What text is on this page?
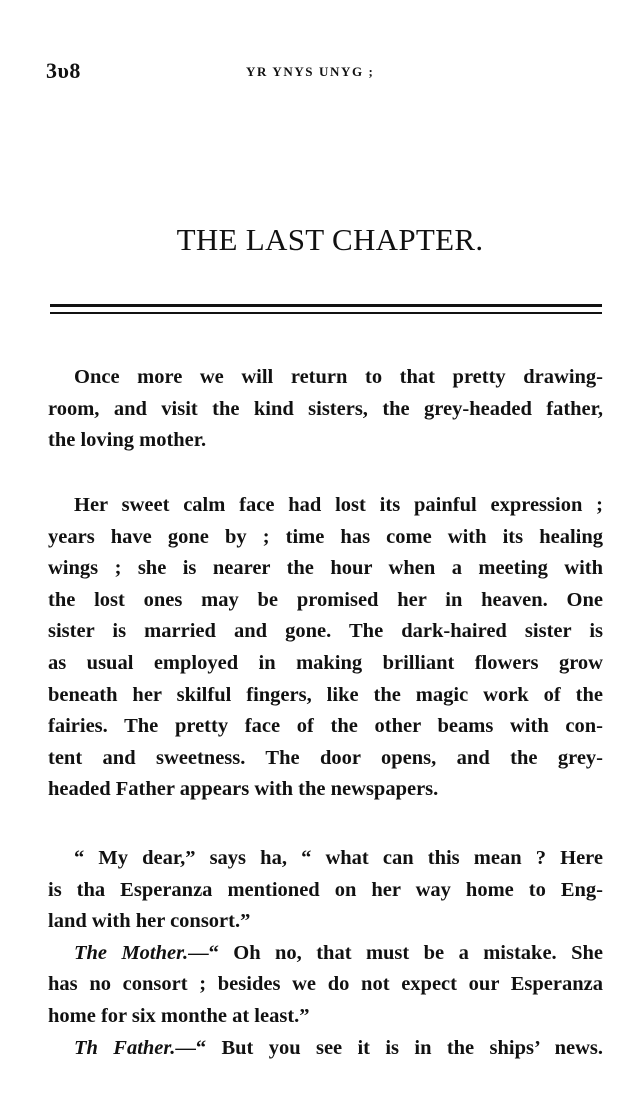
3υ8	YR YNYS UNYG ;
THE LAST CHAPTER.
Once more we will return to that pretty drawing-
room, and visit the kind sisters, the grey-headed father,
the loving mother.
Her sweet calm face had lost its painful expression ;
years have gone by ; time has come with its healing
wings ; she is nearer the hour when a meeting with
the lost ones may be promised her in heaven. One
sister is married and gone. The dark-haired sister is
as usual employed in making brilliant flowers grow
beneath her skilful fingers, like the magic work of the
fairies. The pretty face of the other beams with con-
tent and sweetness. The door opens, and the grey-
headed Father appears with the newspapers.
“ My dear,” says ha, “ what can this mean ? Here
is tha Esperanza mentioned on her way home to Eng-
land with her consort.”
The Mother.—“ Oh no, that must be a mistake. She
has no consort ; besides we do not expect our Esperanza
home for six monthe at least.”
Th Father.—“ But you see it is in the ships’ news.
